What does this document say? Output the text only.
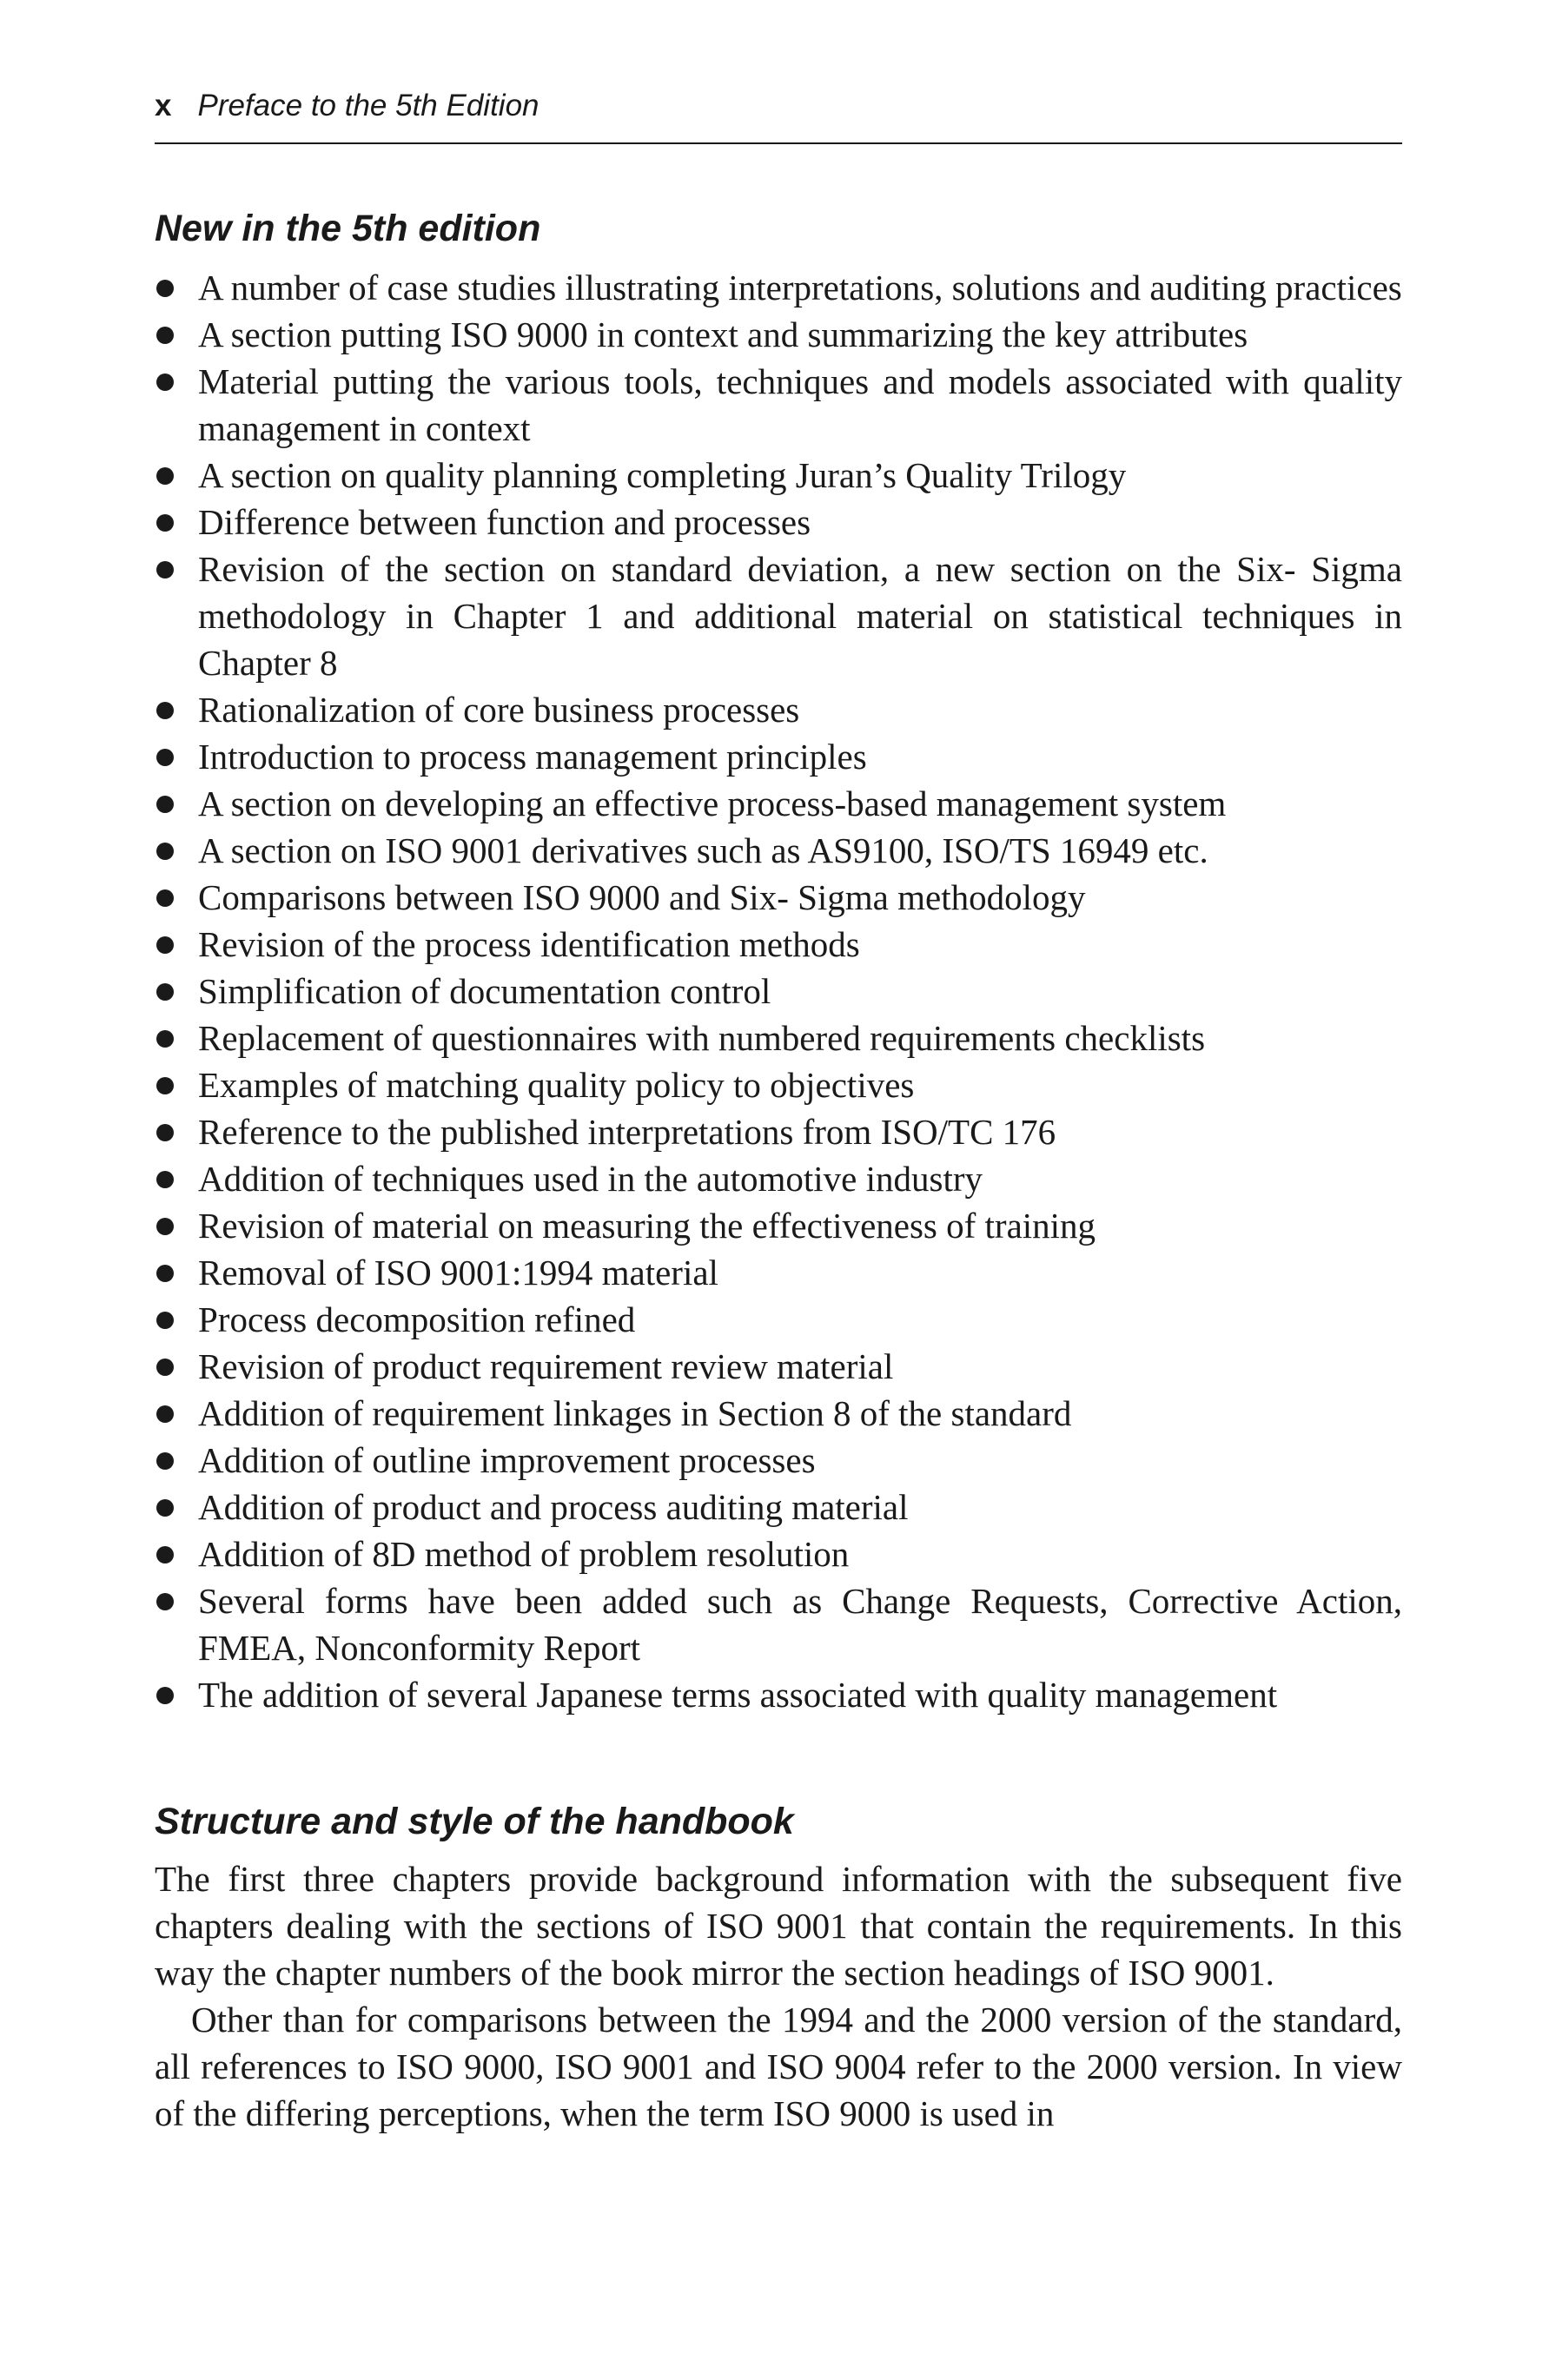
x Preface to the 5th Edition
New in the 5th edition
A number of case studies illustrating interpretations, solutions and auditing practices
A section putting ISO 9000 in context and summarizing the key attributes
Material putting the various tools, techniques and models associated with quality management in context
A section on quality planning completing Juran’s Quality Trilogy
Difference between function and processes
Revision of the section on standard deviation, a new section on the Six- Sigma methodology in Chapter 1 and additional material on statistical techniques in Chapter 8
Rationalization of core business processes
Introduction to process management principles
A section on developing an effective process-based management system
A section on ISO 9001 derivatives such as AS9100, ISO/TS 16949 etc.
Comparisons between ISO 9000 and Six- Sigma methodology
Revision of the process identification methods
Simplification of documentation control
Replacement of questionnaires with numbered requirements checklists
Examples of matching quality policy to objectives
Reference to the published interpretations from ISO/TC 176
Addition of techniques used in the automotive industry
Revision of material on measuring the effectiveness of training
Removal of ISO 9001:1994 material
Process decomposition refined
Revision of product requirement review material
Addition of requirement linkages in Section 8 of the standard
Addition of outline improvement processes
Addition of product and process auditing material
Addition of 8D method of problem resolution
Several forms have been added such as Change Requests, Corrective Action, FMEA, Nonconformity Report
The addition of several Japanese terms associated with quality management
Structure and style of the handbook

The first three chapters provide background information with the subsequent five chapters dealing with the sections of ISO 9001 that contain the requirements. In this way the chapter numbers of the book mirror the section headings of ISO 9001.

Other than for comparisons between the 1994 and the 2000 version of the standard, all references to ISO 9000, ISO 9001 and ISO 9004 refer to the 2000 version. In view of the differing perceptions, when the term ISO 9000 is used in
